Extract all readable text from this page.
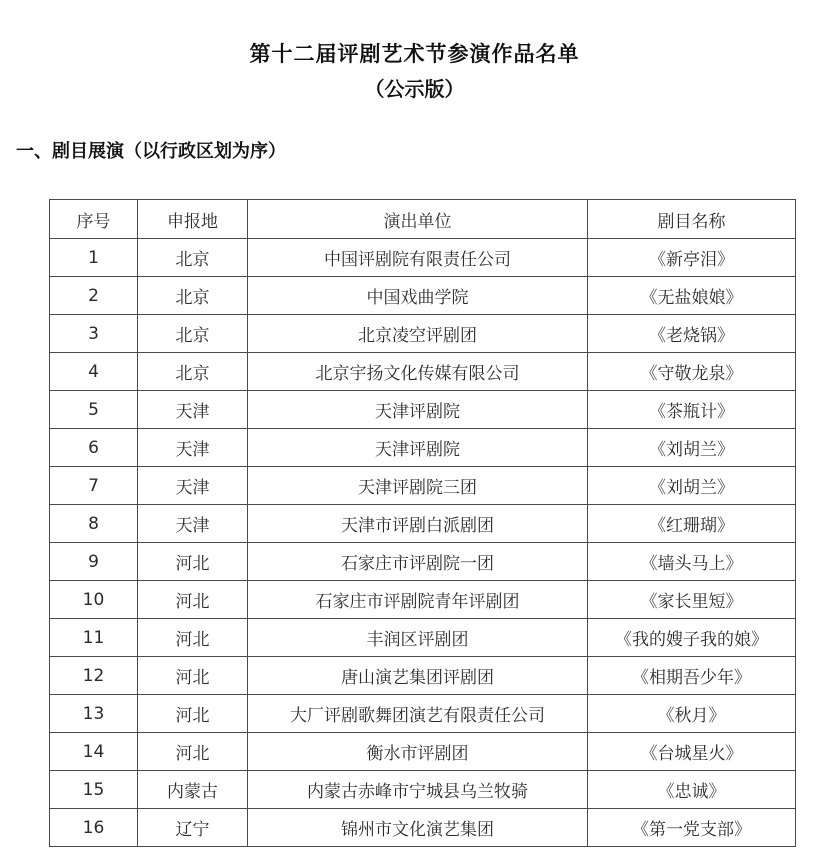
第十二届评剧艺术节参演作品名单
（公示版）
一、剧目展演（以行政区划为序）
序号	申报地	演出单位	剧目名称
1	北京	中国评剧院有限责任公司	《新亭泪》
2	北京	中国戏曲学院	《无盐娘娘》
3	北京	北京凌空评剧团	《老烧锅》
4	北京	北京宇扬文化传媒有限公司	《守敬龙泉》
5	天津	天津评剧院	《茶瓶计》
6	天津	天津评剧院	《刘胡兰》
7	天津	天津评剧院三团	《刘胡兰》
8	天津	天津市评剧白派剧团	《红珊瑚》
9	河北	石家庄市评剧院一团	《墙头马上》
10	河北	石家庄市评剧院青年评剧团	《家长里短》
11	河北	丰润区评剧团	《我的嫂子我的娘》
12	河北	唐山演艺集团评剧团	《相期吾少年》
13	河北	大厂评剧歌舞团演艺有限责任公司	《秋月》
14	河北	衡水市评剧团	《台城星火》
15	内蒙古	内蒙古赤峰市宁城县乌兰牧骑	《忠诚》
16	辽宁	锦州市文化演艺集团	《第一党支部》
